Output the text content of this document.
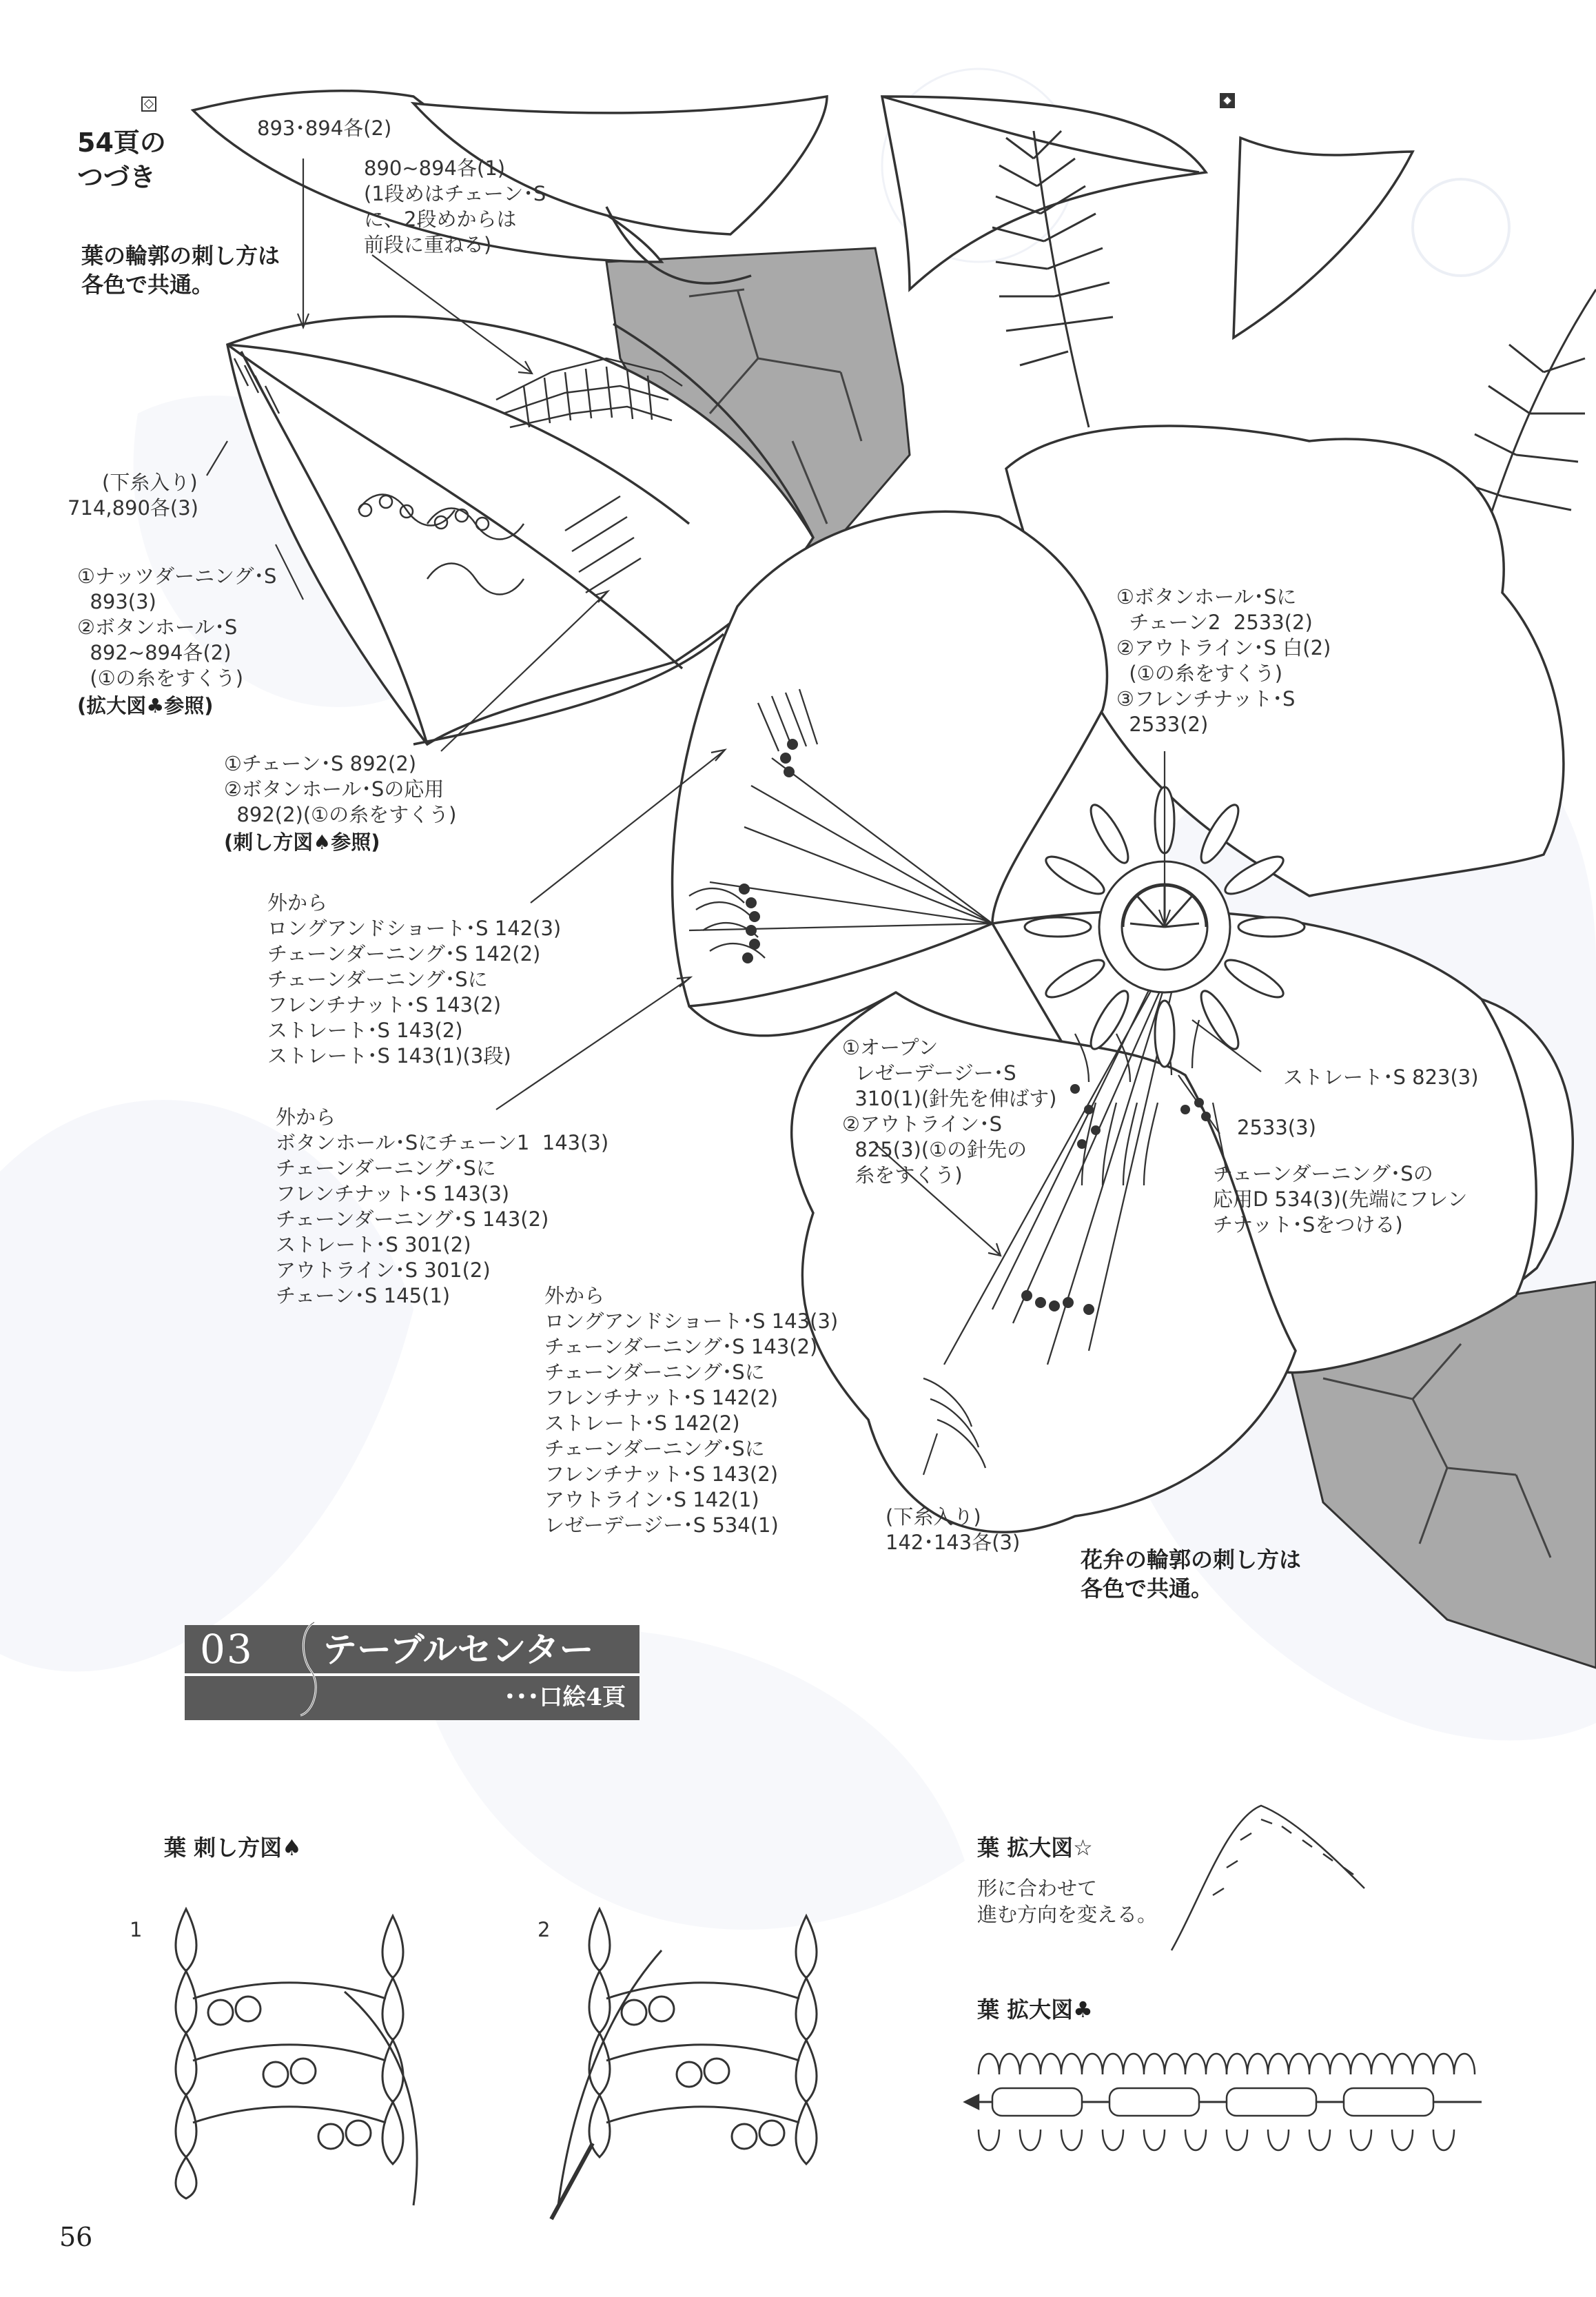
54頁の
つづき
葉の輪郭の刺し方は
各色で共通。
893･894各(2)
890~894各(1)
(1段めはチェーン･S
に、2段めからは
前段に重ねる)
(下糸入り)
714,890各(3)
①ナッツダーニング･S
893(3)
②ボタンホール･S
892~894各(2)
(①の糸をすくう)
(拡大図♣参照)
①チェーン･S 892(2)
②ボタンホール･Sの応用
892(2)(①の糸をすくう)
(刺し方図♠参照)
外から
ロングアンドショート･S 142(3)
チェーンダーニング･S 142(2)
チェーンダーニング･Sに
フレンチナット･S 143(2)
ストレート･S 143(2)
ストレート･S 143(1)(3段)
外から
ボタンホール･Sにチェーン1  143(3)
チェーンダーニング･Sに
フレンチナット･S 143(3)
チェーンダーニング･S 143(2)
ストレート･S 301(2)
アウトライン･S 301(2)
チェーン･S 145(1)	外から
ロングアンドショート･S 143(3)
チェーンダーニング･S 143(2)
チェーンダーニング･Sに
フレンチナット･S 142(2)
ストレート･S 142(2)
チェーンダーニング･Sに
フレンチナット･S 143(2)
アウトライン･S 142(1)
レゼーデージー･S 534(1)	(下糸入り)
142･143各(3)
①ボタンホール･Sに
チェーン2  2533(2)
②アウトライン･S 白(2)
(①の糸をすくう)
③フレンチナット･S
2533(2)
①オープン
レゼーデージー･S
310(1)(針先を伸ばす)
②アウトライン･S
825(3)(①の針先の
糸をすくう)
ストレート･S 823(3)
2533(3)
チェーンダーニング･Sの
応用D 534(3)(先端にフレン
チナット･Sをつける)
花弁の輪郭の刺し方は
各色で共通。
03 テーブルセンター
･･･口絵4頁
葉 刺し方図♠
1	2
葉 拡大図☆
形に合わせて
進む方向を変える。
葉 拡大図♣
56
